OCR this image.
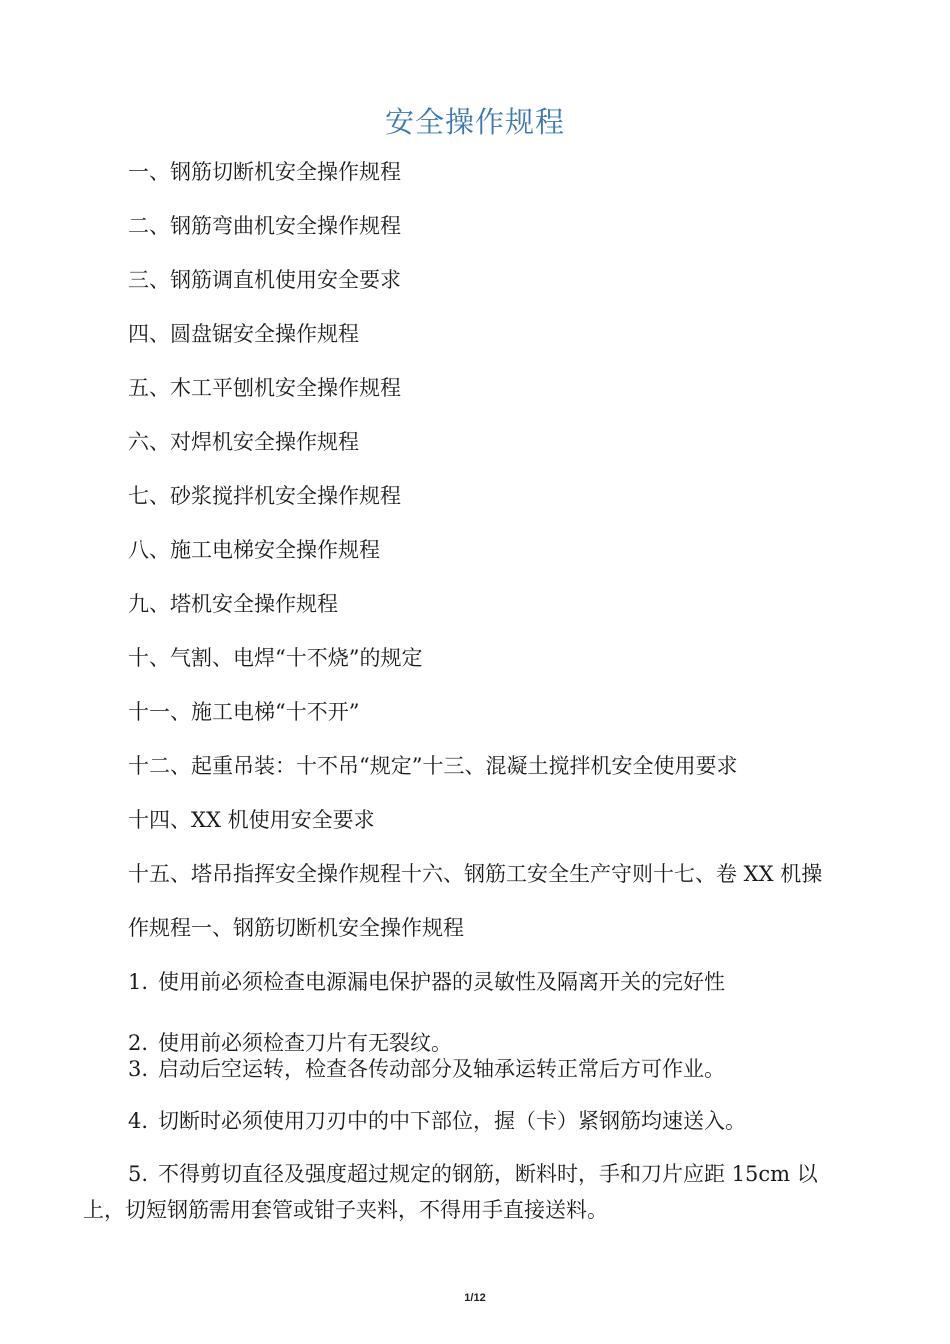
安全操作规程
一、钢筋切断机安全操作规程
二、钢筋弯曲机安全操作规程
三、钢筋调直机使用安全要求
四、圆盘锯安全操作规程
五、木工平刨机安全操作规程
六、对焊机安全操作规程
七、砂浆搅拌机安全操作规程
八、施工电梯安全操作规程
九、塔机安全操作规程
十、气割、电焊“十不烧”的规定
十一、施工电梯“十不开”
十二、起重吊装：十不吊“规定”十三、混凝土搅拌机安全使用要求
十四、XX 机使用安全要求
十五、塔吊指挥安全操作规程十六、钢筋工安全生产守则十七、卷 XX 机操
作规程一、钢筋切断机安全操作规程
1. 使用前必须检查电源漏电保护器的灵敏性及隔离开关的完好性
2. 使用前必须检查刀片有无裂纹。
3. 启动后空运转，检查各传动部分及轴承运转正常后方可作业。
4. 切断时必须使用刀刃中的中下部位，握（卡）紧钢筋均速送入。
5. 不得剪切直径及强度超过规定的钢筋，断料时，手和刀片应距 15cm 以
上，切短钢筋需用套管或钳子夹料，不得用手直接送料。
1/12
